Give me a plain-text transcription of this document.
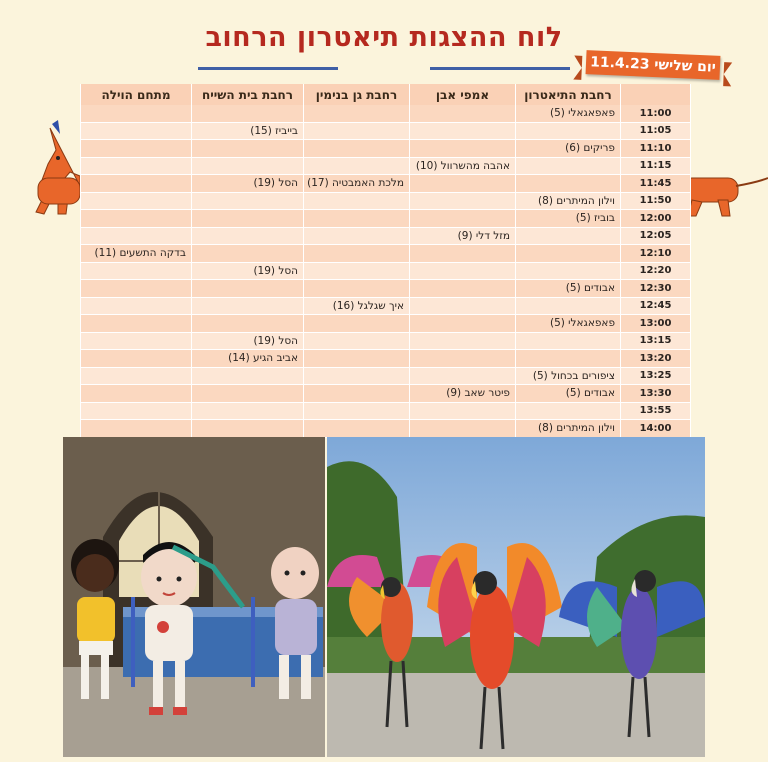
לוח ההצגות תיאטרון הרחוב
יום שלישי 11.4.23
	רחבת התיאטרון	אמפי אבן	רחבת גן בנימין	רחבת בית השייח	מתחם הוילה
11:00	פאפאגאלי (5)				
11:05				בייביז (15)	
11:10	פריקים (6)				
11:15		אהבה מהשרוול (10)			
11:45			מלכת האמבטיה (17)	הסל (19)	
11:50	וילון המיתרים (8)				
12:00	בוביז (5)				
12:05		מזל דלי (9)			
12:10					בדקה התשעים (11)
12:20				הסל (19)	
12:30	אבודים (5)				
12:45			איך שגלגל (16)		
13:00	פאפאגאלי (5)				
13:15				הסל (19)	
13:20				אביב הגיע (14)	
13:25	ציפורים בכחול (5)				
13:30	אבודים (5)	פיטר שאב (9)			
13:55					
14:00	וילון המיתרים (8)				
